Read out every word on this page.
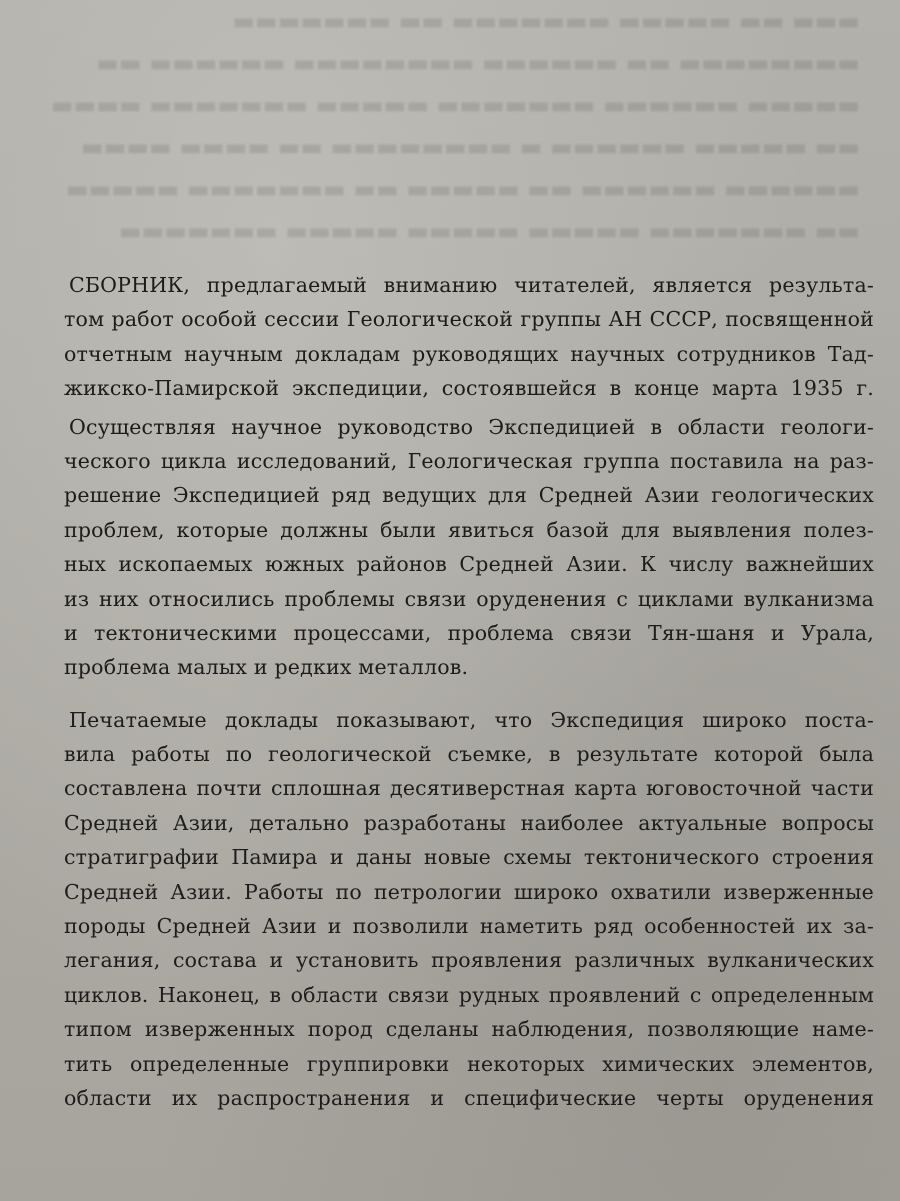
▬▬▬ ▬▬ ▬▬▬▬▬ ▬▬▬▬▬▬▬ ▬▬ ▬▬▬▬▬▬▬
▬▬▬▬▬▬▬▬ ▬▬ ▬▬▬▬▬▬ ▬▬▬▬▬▬▬▬ ▬▬▬▬▬▬ ▬▬
▬▬▬▬▬ ▬▬▬▬▬▬ ▬▬▬▬▬▬▬ ▬▬▬▬▬ ▬▬▬▬▬▬▬ ▬▬▬▬
▬▬ ▬▬▬▬▬ ▬▬▬▬▬▬ ▬ ▬▬▬▬▬▬▬▬ ▬▬ ▬▬▬▬ ▬▬▬▬
▬▬▬▬▬▬ ▬▬▬▬▬▬ ▬▬ ▬▬▬▬▬ ▬▬ ▬▬▬▬▬▬▬ ▬▬▬▬▬
▬▬ ▬▬▬▬▬▬▬ ▬▬▬▬▬ ▬▬▬▬▬ ▬▬▬▬▬ ▬▬▬▬▬▬▬
СБОРНИК, предлагаемый вниманию читателей, является результа-
том работ особой сессии Геологической группы АН СССР, посвященной
отчетным научным докладам руководящих научных сотрудников Тад-
жикско-Памирской экспедиции, состоявшейся в конце марта 1935 г.
Осуществляя научное руководство Экспедицией в области геологи-
ческого цикла исследований, Геологическая группа поставила на раз-
решение Экспедицией ряд ведущих для Средней Азии геологических
проблем, которые должны были явиться базой для выявления полез-
ных ископаемых южных районов Средней Азии. К числу важнейших
из них относились проблемы связи оруденения с циклами вулканизма
и тектоническими процессами, проблема связи Тян-шаня и Урала,
проблема малых и редких металлов.
Печатаемые доклады показывают, что Экспедиция широко поста-
вила работы по геологической съемке, в результате которой была
составлена почти сплошная десятиверстная карта юговосточной части
Средней Азии, детально разработаны наиболее актуальные вопросы
стратиграфии Памира и даны новые схемы тектонического строения
Средней Азии. Работы по петрологии широко охватили изверженные
породы Средней Азии и позволили наметить ряд особенностей их за-
легания, состава и установить проявления различных вулканических
циклов. Наконец, в области связи рудных проявлений с определенным
типом изверженных пород сделаны наблюдения, позволяющие наме-
тить определенные группировки некоторых химических элементов,
области их распространения и специфические черты оруденения
